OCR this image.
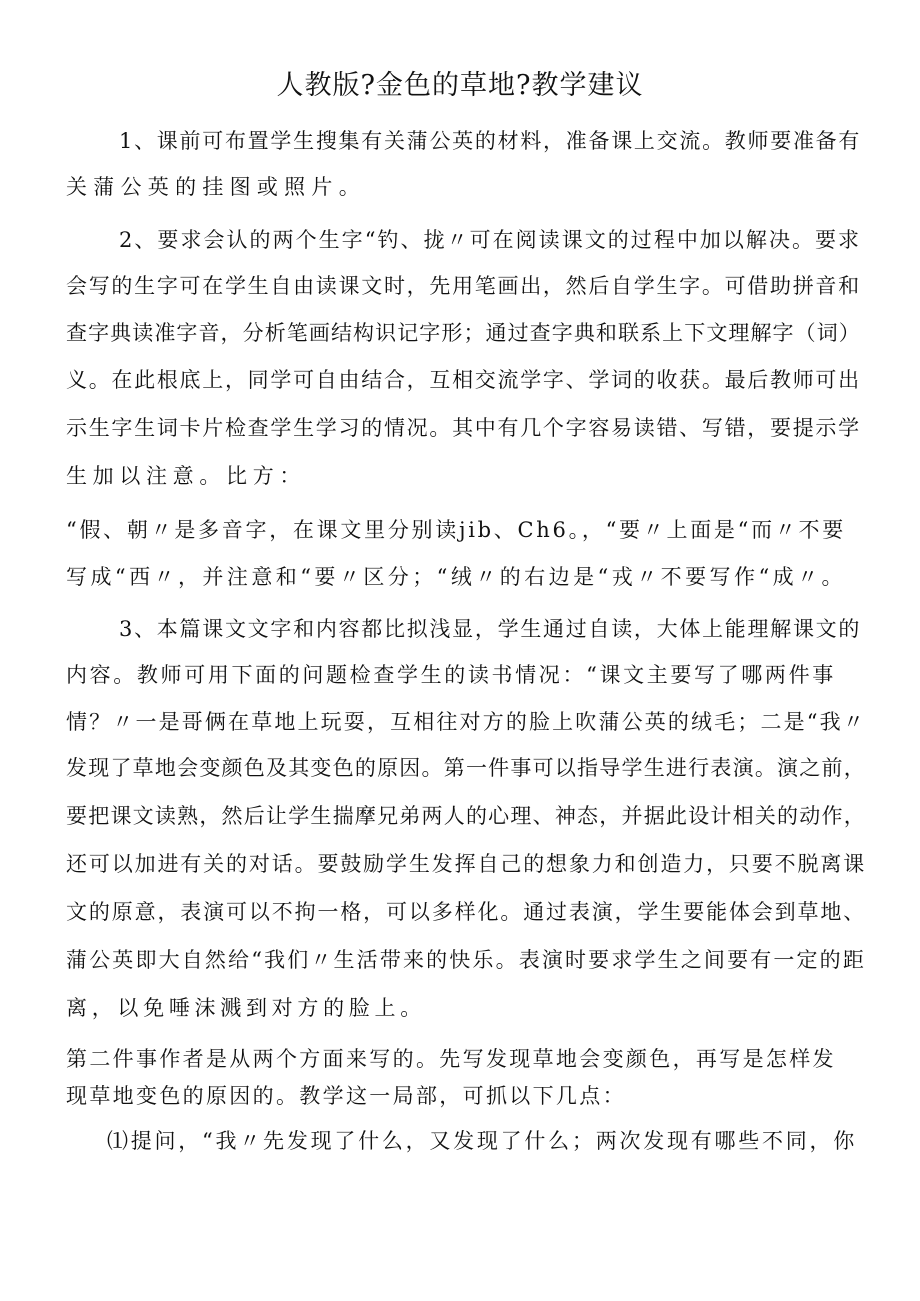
人教版?金色的草地?教学建议
1、课前可布置学生搜集有关蒲公英的材料，准备课上交流。教师要准备有
关蒲公英的挂图或照片。
2、要求会认的两个生字“钓、拢〃可在阅读课文的过程中加以解决。要求
会写的生字可在学生自由读课文时，先用笔画出，然后自学生字。可借助拼音和
查字典读准字音，分析笔画结构识记字形；通过查字典和联系上下文理解字（词）
义。在此根底上，同学可自由结合，互相交流学字、学词的收获。最后教师可出
示生字生词卡片检查学生学习的情况。其中有几个字容易读错、写错，要提示学
生加以注意。比方：
“假、朝〃是多音字，在课文里分别读jib、Ch6。，“要〃上面是“而〃不要
写成“西〃，并注意和“要〃区分；“绒〃的右边是“戎〃不要写作“成〃。
3、本篇课文文字和内容都比拟浅显，学生通过自读，大体上能理解课文的
内容。教师可用下面的问题检查学生的读书情况：“课文主要写了哪两件事
情？〃一是哥俩在草地上玩耍，互相往对方的脸上吹蒲公英的绒毛；二是“我〃
发现了草地会变颜色及其变色的原因。第一件事可以指导学生进行表演。演之前，
要把课文读熟，然后让学生揣摩兄弟两人的心理、神态，并据此设计相关的动作，
还可以加进有关的对话。要鼓励学生发挥自己的想象力和创造力，只要不脱离课
文的原意，表演可以不拘一格，可以多样化。通过表演，学生要能体会到草地、
蒲公英即大自然给“我们〃生活带来的快乐。表演时要求学生之间要有一定的距
离，以免唾沫溅到对方的脸上。
第二件事作者是从两个方面来写的。先写发现草地会变颜色，再写是怎样发
现草地变色的原因的。教学这一局部，可抓以下几点：
⑴提问，“我〃先发现了什么，又发现了什么；两次发现有哪些不同，你
